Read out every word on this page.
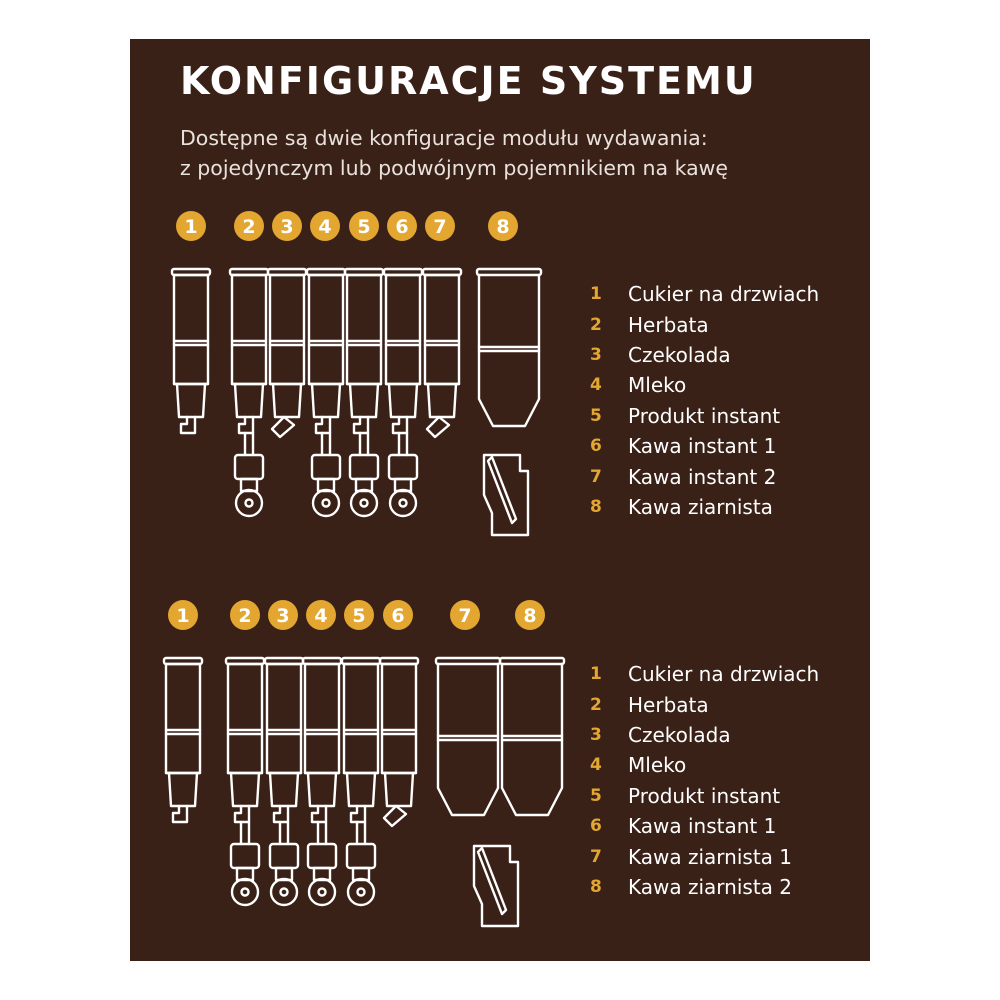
KONFIGURACJE SYSTEMU
Dostępne są dwie konfiguracje modułu wydawania:
z pojedynczym lub podwójnym pojemnikiem na kawę
1 2 3 4 5 6 7	8
1	Cukier na drzwiach
2	Herbata
3	Czekolada
4	Mleko
5	Produkt instant
6	Kawa instant 1
7	Kawa instant 2
8	Kawa ziarnista
1	2 3 4 5 6	7	8
1	Cukier na drzwiach
2	Herbata
3	Czekolada
4	Mleko
5	Produkt instant
6	Kawa instant 1
7	Kawa ziarnista 1
8	Kawa ziarnista 2
